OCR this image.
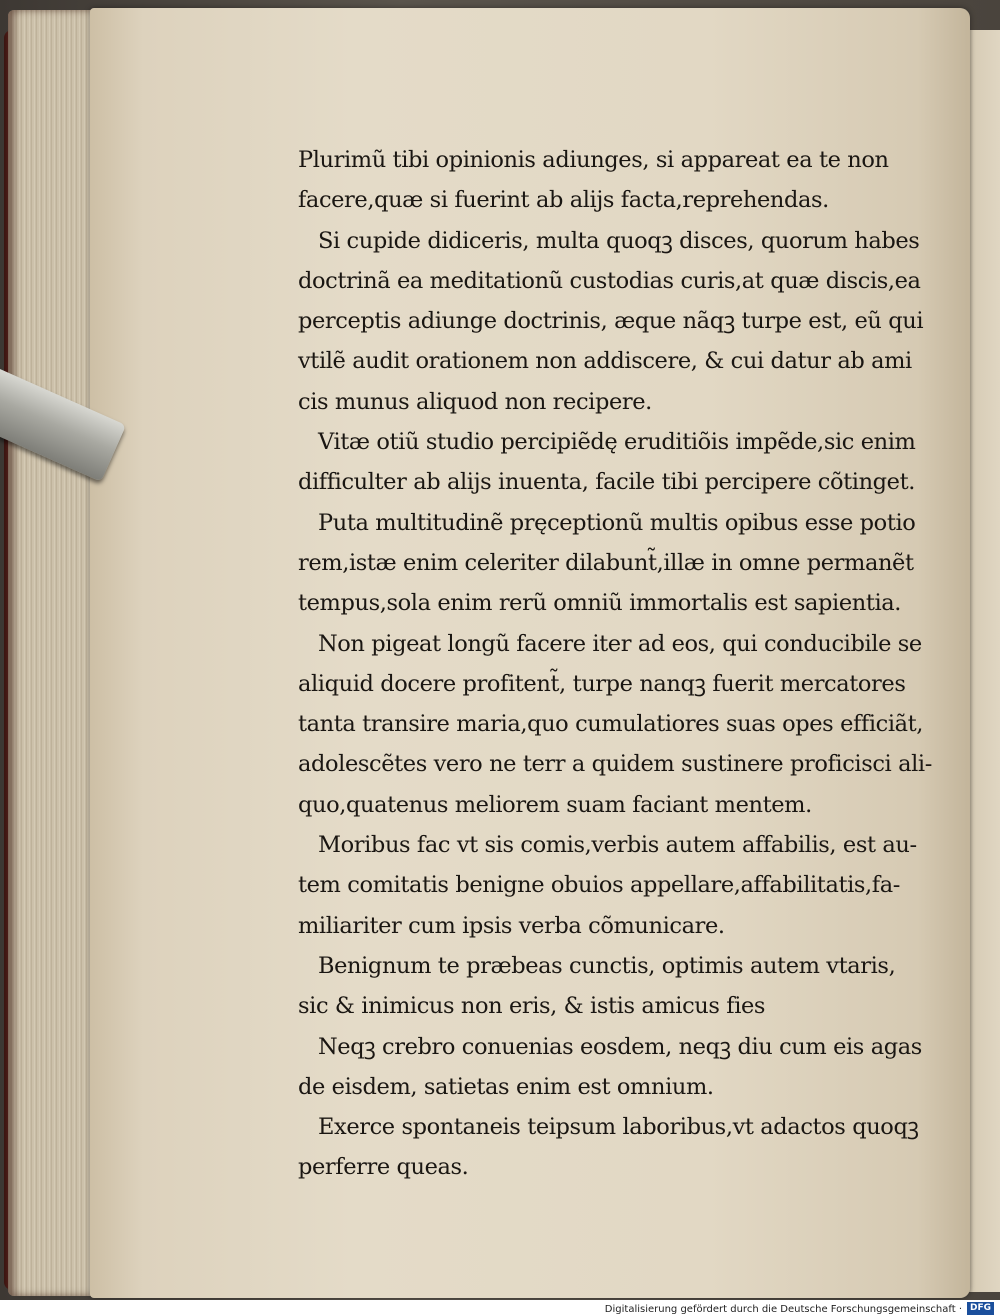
Plurimũ tibi opinionis adiunges, si appareat ea te non
facere,quæ si fuerint ab alijs facta,reprehendas.
Si cupide didiceris, multa quoqꝫ disces, quorum habes
doctrinã ea meditationũ custodias curis,at quæ discis,ea
perceptis adiunge doctrinis, æque nãqꝫ turpe est, eũ qui
vtilẽ audit orationem non addiscere, & cui datur ab ami
cis munus aliquod non recipere.
Vitæ otiũ studio percipiẽdę eruditiõis impẽde,sic enim
difficulter ab alijs inuenta, facile tibi percipere cõtinget.
Puta multitudinẽ pręceptionũ multis opibus esse potio
rem,istæ enim celeriter dilabunt̃,illæ in omne permanẽt
tempus,sola enim rerũ omniũ immortalis est sapientia.
Non pigeat longũ facere iter ad eos, qui conducibile se
aliquid docere profitent̃, turpe nanqꝫ fuerit mercatores
tanta transire maria,quo cumulatiores suas opes efficiãt,
adolescẽtes vero ne terr a quidem sustinere proficisci ali-
quo,quatenus meliorem suam faciant mentem.
Moribus fac vt sis comis,verbis autem affabilis, est au-
tem comitatis benigne obuios appellare,affabilitatis,fa-
miliariter cum ipsis verba cõmunicare.
Benignum te præbeas cunctis, optimis autem vtaris,
sic & inimicus non eris, & istis amicus fies
Neqꝫ crebro conuenias eosdem, neqꝫ diu cum eis agas
de eisdem, satietas enim est omnium.
Exerce spontaneis teipsum laboribus,vt adactos quoqꝫ
perferre queas.
Digitalisierung gefördert durch die Deutsche Forschungsgemeinschaft · DFG
